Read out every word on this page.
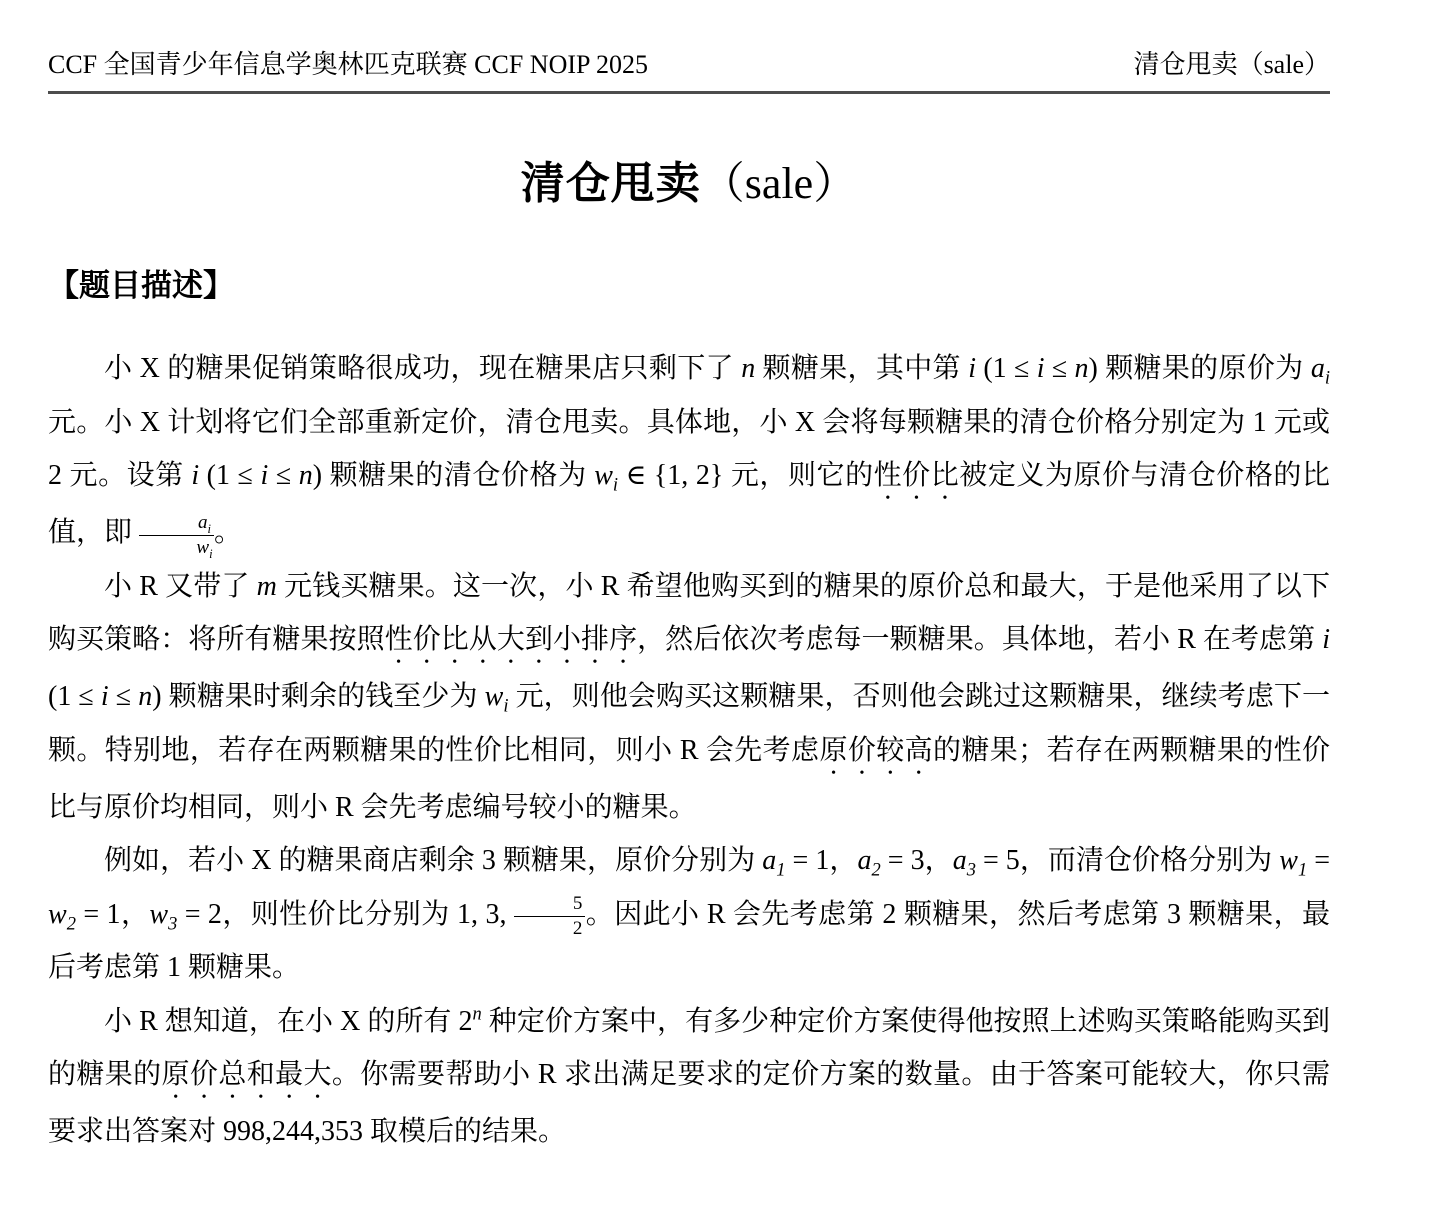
CCF 全国青少年信息学奥林匹克联赛 CCF NOIP 2025	清仓甩卖（sale）
清仓甩卖（sale）
【题目描述】

小 X 的糖果促销策略很成功，现在糖果店只剩下了 n 颗糖果，其中第 i (1 ≤ i ≤ n) 颗糖果的原价为 $a_i$ 元。小 X 计划将它们全部重新定价，清仓甩卖。具体地，小 X 会将每颗糖果的清仓价格分别定为 1 元或 2 元。设第 i (1 ≤ i ≤ n) 颗糖果的清仓价格为 $w_i$ ∈ {1, 2} 元，则它的性价比被定义为原价与清仓价格的比值，即 $\frac{a_i}{w_i}$ 。

小 R 又带了 m 元钱买糖果。这一次，小 R 希望他购买到的糖果的原价总和最大，于是他采用了以下购买策略：将所有糖果按照性价比从大到小排序，然后依次考虑每一颗糖果。具体地，若小 R 在考虑第 i (1 ≤ i ≤ n) 颗糖果时剩余的钱至少为 $w_i$ 元，则他会购买这颗糖果，否则他会跳过这颗糖果，继续考虑下一颗。特别地，若存在两颗糖果的性价比相同，则小 R 会先考虑原价较高的糖果；若存在两颗糖果的性价比与原价均相同，则小 R 会先考虑编号较小的糖果。

例如，若小 X 的糖果商店剩余 3 颗糖果，原价分别为 $a_1 = 1$，$a_2 = 3$，$a_3 = 5$，而清仓价格分别为 $w_1 = w_2 = 1$，$w_3 = 2$，则性价比分别为 1, 3, $\frac{5}{2}$ 。因此小 R 会先考虑第 2 颗糖果，然后考虑第 3 颗糖果，最后考虑第 1 颗糖果。

小 R 想知道，在小 X 的所有 2$^n$ 种定价方案中，有多少种定价方案使得他按照上述购买策略能购买到的糖果的原价总和最大。你需要帮助小 R 求出满足要求的定价方案的数量。由于答案可能较大，你只需要求出答案对 998,244,353 取模后的结果。
